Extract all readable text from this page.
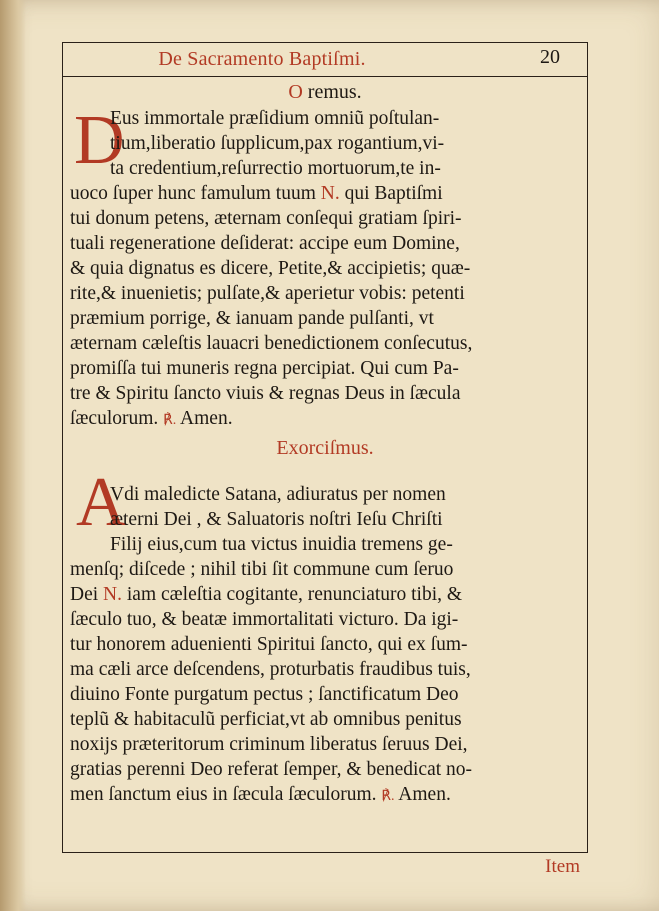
De Sacramento Baptiſmi.	20
O remus.
D
Eus immortale præſidium omniũ poſtulan-
tium,liberatio ſupplicum,pax rogantium,vi-
ta credentium,reſurrectio mortuorum,te in-
uoco ſuper hunc famulum tuum N. qui Baptiſmi
tui donum petens, æternam conſequi gratiam ſpiri-
tuali regeneratione deſiderat: accipe eum Domine,
& quia dignatus es dicere, Petite,& accipietis; quæ-
rite,& inuenietis; pulſate,& aperietur vobis: petenti
præmium porrige, & ianuam pande pulſanti, vt
æternam cæleſtis lauacri benedictionem conſecutus,
promiſſa tui muneris regna percipiat. Qui cum Pa-
tre & Spiritu ſancto viuis & regnas Deus in ſæcula
ſæculorum. ℟. Amen.
Exorciſmus.
A
Vdi maledicte Satana, adiuratus per nomen
æterni Dei , & Saluatoris noſtri Ieſu Chriſti
Filij eius,cum tua victus inuidia tremens ge-
menſq; diſcede ; nihil tibi ſit commune cum ſeruo
Dei N. iam cæleſtia cogitante, renunciaturo tibi, &
ſæculo tuo, & beatæ immortalitati victuro. Da igi-
tur honorem aduenienti Spiritui ſancto, qui ex ſum-
ma cæli arce deſcendens, proturbatis fraudibus tuis,
diuino Fonte purgatum pectus ; ſanctificatum Deo
teplũ & habitaculũ perficiat,vt ab omnibus penitus
noxijs præteritorum criminum liberatus ſeruus Dei,
gratias perenni Deo referat ſemper, & benedicat no-
men ſanctum eius in ſæcula ſæculorum. ℟. Amen.
Item
